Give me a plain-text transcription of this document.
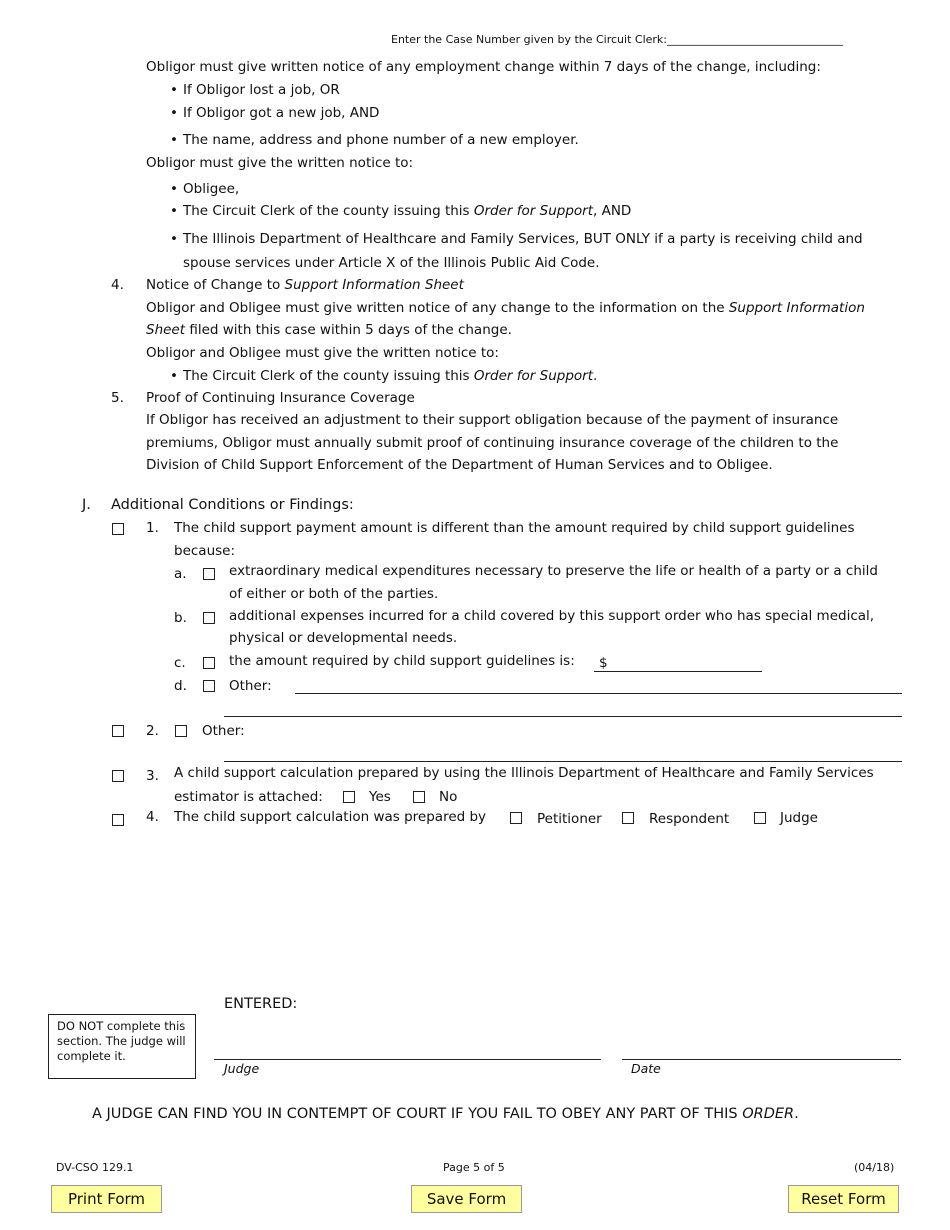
Enter the Case Number given by the Circuit Clerk:________________________________
Obligor must give written notice of any employment change within 7 days of the change, including:
• If Obligor lost a job, OR
• If Obligor got a new job, AND
• The name, address and phone number of a new employer.
Obligor must give the written notice to:
• Obligee,
• The Circuit Clerk of the county issuing this Order for Support, AND
• The Illinois Department of Healthcare and Family Services, BUT ONLY if a party is receiving child and
spouse services under Article X of the Illinois Public Aid Code.
4. Notice of Change to Support Information Sheet
Obligor and Obligee must give written notice of any change to the information on the Support Information
Sheet filed with this case within 5 days of the change.
Obligor and Obligee must give the written notice to:
• The Circuit Clerk of the county issuing this Order for Support.
5. Proof of Continuing Insurance Coverage
If Obligor has received an adjustment to their support obligation because of the payment of insurance
premiums, Obligor must annually submit proof of continuing insurance coverage of the children to the
Division of Child Support Enforcement of the Department of Human Services and to Obligee.
J. Additional Conditions or Findings:
1. The child support payment amount is different than the amount required by child support guidelines
because:
a.	extraordinary medical expenditures necessary to preserve the life or health of a party or a child
of either or both of the parties.
b.	additional expenses incurred for a child covered by this support order who has special medical,
physical or developmental needs.
c.	the amount required by child support guidelines is: $
d.	Other:
2.	Other:
3. A child support calculation prepared by using the Illinois Department of Healthcare and Family Services
estimator is attached:	Yes	No
4. The child support calculation was prepared by	Petitioner	Respondent	Judge
ENTERED:
DO NOT complete this section. The judge will complete it.
Judge	Date
A JUDGE CAN FIND YOU IN CONTEMPT OF COURT IF YOU FAIL TO OBEY ANY PART OF THIS ORDER.
DV-CSO 129.1	Page 5 of 5	(04/18)
Print Form	Save Form	Reset Form
